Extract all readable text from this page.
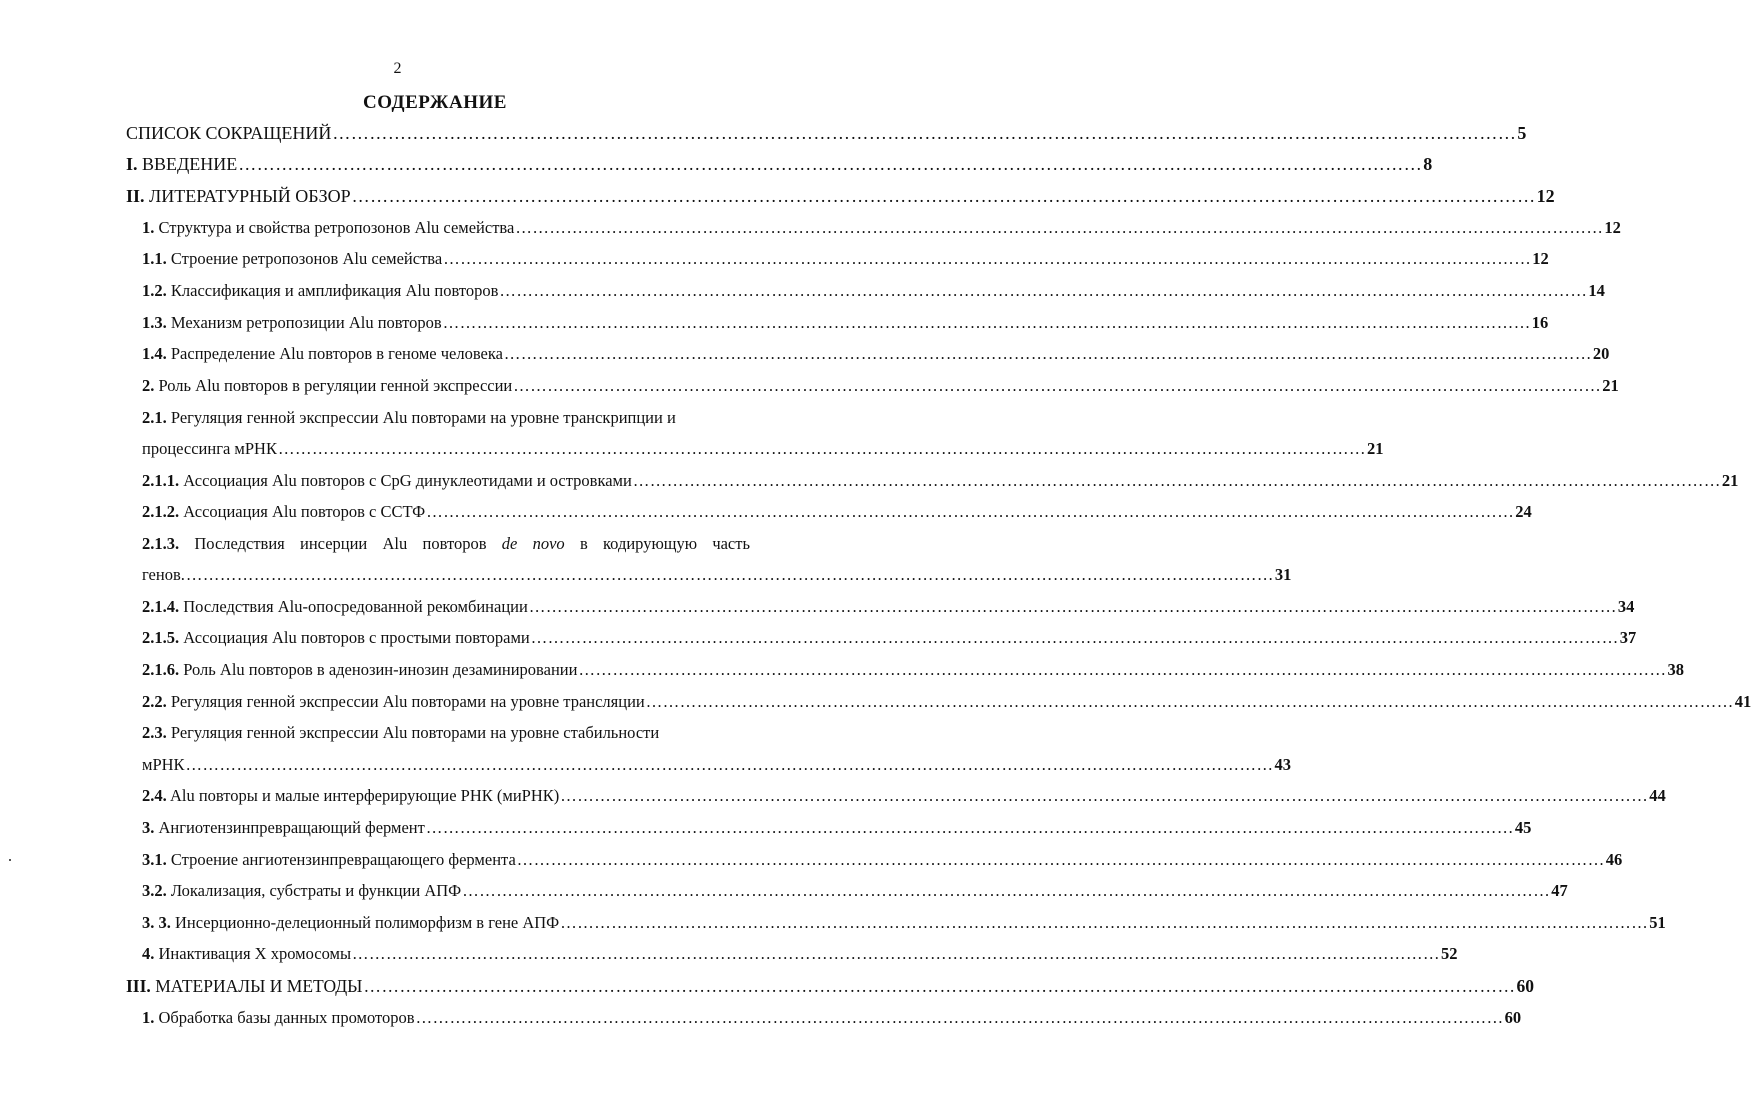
2
СОДЕРЖАНИЕ
СПИСОК СОКРАЩЕНИЙ ………………………………………………………………………………………………………………………………………………………………………… 5
I. ВВЕДЕНИЕ ………………………………………………………………………………………………………………………………………………………………………… 8
II. ЛИТЕРАТУРНЫЙ ОБЗОР ………………………………………………………………………………………………………………………………………………………………………… 12
1. Структура и свойства ретропозонов Alu семейства ………………………………………………………………………………………………………………………………………………………………………… 12
1.1. Строение ретропозонов Alu семейства ………………………………………………………………………………………………………………………………………………………………………… 12
1.2. Классификация и амплификация Alu повторов ………………………………………………………………………………………………………………………………………………………………………… 14
1.3. Механизм ретропозиции Alu повторов ………………………………………………………………………………………………………………………………………………………………………… 16
1.4. Распределение Alu повторов в геноме человека ………………………………………………………………………………………………………………………………………………………………………… 20
2. Роль Alu повторов в регуляции генной экспрессии ………………………………………………………………………………………………………………………………………………………………………… 21
2.1. Регуляция генной экспрессии Alu повторами на уровне транскрипции и
процессинга мРНК ………………………………………………………………………………………………………………………………………………………………………… 21
2.1.1. Ассоциация Alu повторов с CpG динуклеотидами и островками ………………………………………………………………………………………………………………………………………………………………………… 21
2.1.2. Ассоциация Alu повторов с ССТФ ………………………………………………………………………………………………………………………………………………………………………… 24
2.1.3. Последствия инсерции Alu повторов de novo в кодирующую часть
генов. ………………………………………………………………………………………………………………………………………………………………………… 31
2.1.4. Последствия Alu-опосредованной рекомбинации ………………………………………………………………………………………………………………………………………………………………………… 34
2.1.5. Ассоциация Alu повторов с простыми повторами ………………………………………………………………………………………………………………………………………………………………………… 37
2.1.6. Роль Alu повторов в аденозин-инозин дезаминировании ………………………………………………………………………………………………………………………………………………………………………… 38
2.2. Регуляция генной экспрессии Alu повторами на уровне трансляции ………………………………………………………………………………………………………………………………………………………………………… 41
2.3. Регуляция генной экспрессии Alu повторами на уровне стабильности
мРНК ………………………………………………………………………………………………………………………………………………………………………… 43
2.4. Alu повторы и малые интерферирующие РНК (миРНК) ………………………………………………………………………………………………………………………………………………………………………… 44
3. Ангиотензинпревращающий фермент ………………………………………………………………………………………………………………………………………………………………………… 45
3.1. Строение ангиотензинпревращающего фермента ………………………………………………………………………………………………………………………………………………………………………… 46
3.2. Локализация, субстраты и функции АПФ ………………………………………………………………………………………………………………………………………………………………………… 47
3. 3. Инсерционно-делеционный полиморфизм в гене АПФ ………………………………………………………………………………………………………………………………………………………………………… 51
4. Инактивация X хромосомы ………………………………………………………………………………………………………………………………………………………………………… 52
III. МАТЕРИАЛЫ И МЕТОДЫ ………………………………………………………………………………………………………………………………………………………………………… 60
1. Обработка базы данных промоторов ………………………………………………………………………………………………………………………………………………………………………… 60
